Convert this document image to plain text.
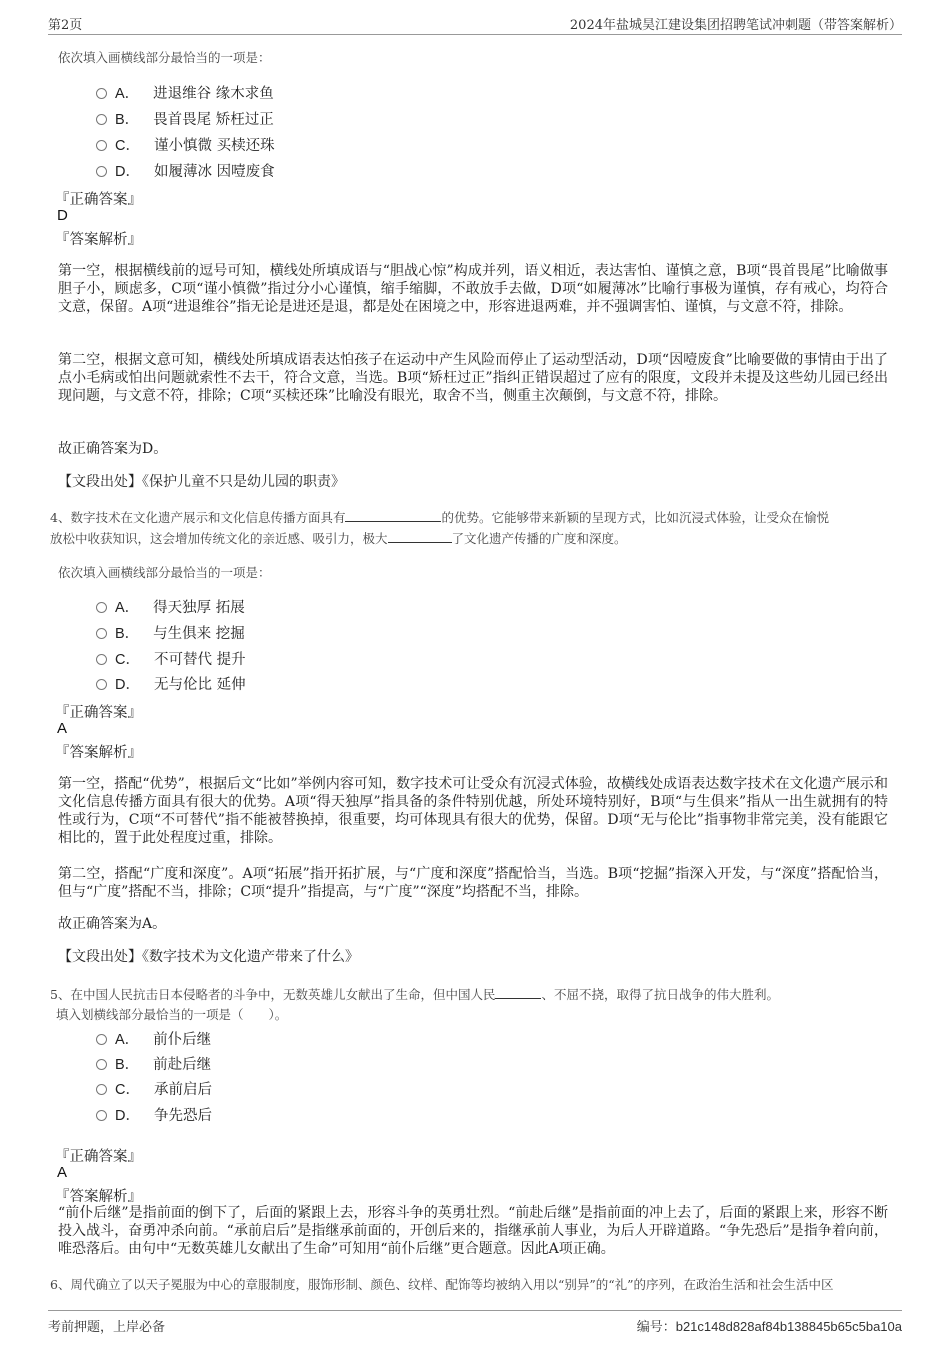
第2页	2024年盐城昊江建设集团招聘笔试冲刺题（带答案解析）
依次填入画横线部分最恰当的一项是：
A． 进退维谷 缘木求鱼
B． 畏首畏尾 矫枉过正
C． 谨小慎微 买椟还珠
D． 如履薄冰 因噎废食
『正确答案』
D
『答案解析』
第一空，根据横线前的逗号可知，横线处所填成语与“胆战心惊”构成并列，语义相近，表达害怕、谨慎之意，B项“畏首畏尾”比喻做事胆子小，顾虑多，C项“谨小慎微”指过分小心谨慎，缩手缩脚，不敢放手去做，D项“如履薄冰”比喻行事极为谨慎，存有戒心，均符合文意，保留。A项“进退维谷”指无论是进还是退，都是处在困境之中，形容进退两难，并不强调害怕、谨慎，与文意不符，排除。
第二空，根据文意可知，横线处所填成语表达怕孩子在运动中产生风险而停止了运动型活动，D项“因噎废食”比喻要做的事情由于出了点小毛病或怕出问题就索性不去干，符合文意，当选。B项“矫枉过正”指纠正错误超过了应有的限度，文段并未提及这些幼儿园已经出现问题，与文意不符，排除；C项“买椟还珠”比喻没有眼光，取舍不当，侧重主次颠倒，与文意不符，排除。
故正确答案为D。
【文段出处】《保护儿童不只是幼儿园的职责》
4、数字技术在文化遗产展示和文化信息传播方面具有	的优势。它能够带来新颖的呈现方式，比如沉浸式体验，让受众在愉悦
放松中收获知识，这会增加传统文化的亲近感、吸引力，极大	了文化遗产传播的广度和深度。
依次填入画横线部分最恰当的一项是：
A． 得天独厚 拓展
B． 与生俱来 挖掘
C． 不可替代 提升
D． 无与伦比 延伸
『正确答案』
A
『答案解析』
第一空，搭配“优势”，根据后文“比如”举例内容可知，数字技术可让受众有沉浸式体验，故横线处成语表达数字技术在文化遗产展示和文化信息传播方面具有很大的优势。A项“得天独厚”指具备的条件特别优越，所处环境特别好，B项“与生俱来”指从一出生就拥有的特性或行为，C项“不可替代”指不能被替换掉，很重要，均可体现具有很大的优势，保留。D项“无与伦比”指事物非常完美，没有能跟它相比的，置于此处程度过重，排除。
第二空，搭配“广度和深度”。A项“拓展”指开拓扩展，与“广度和深度”搭配恰当，当选。B项“挖掘”指深入开发，与“深度”搭配恰当，但与“广度”搭配不当，排除；C项“提升”指提高，与“广度”“深度”均搭配不当，排除。
故正确答案为A。
【文段出处】《数字技术为文化遗产带来了什么》
5、在中国人民抗击日本侵略者的斗争中，无数英雄儿女献出了生命，但中国人民	、不屈不挠，取得了抗日战争的伟大胜利。
填入划横线部分最恰当的一项是（　　）。
A． 前仆后继
B． 前赴后继
C． 承前启后
D． 争先恐后
『正确答案』
A
『答案解析』
“前仆后继”是指前面的倒下了，后面的紧跟上去，形容斗争的英勇壮烈。“前赴后继”是指前面的冲上去了，后面的紧跟上来，形容不断投入战斗，奋勇冲杀向前。“承前启后”是指继承前面的，开创后来的，指继承前人事业，为后人开辟道路。“争先恐后”是指争着向前，唯恐落后。由句中“无数英雄儿女献出了生命”可知用“前仆后继”更合题意。因此A项正确。
6、周代确立了以天子冕服为中心的章服制度，服饰形制、颜色、纹样、配饰等均被纳入用以“别异”的“礼”的序列，在政治生活和社会生活中区
考前押题，上岸必备	编号：b21c148d828af84b138845b65c5ba10a
